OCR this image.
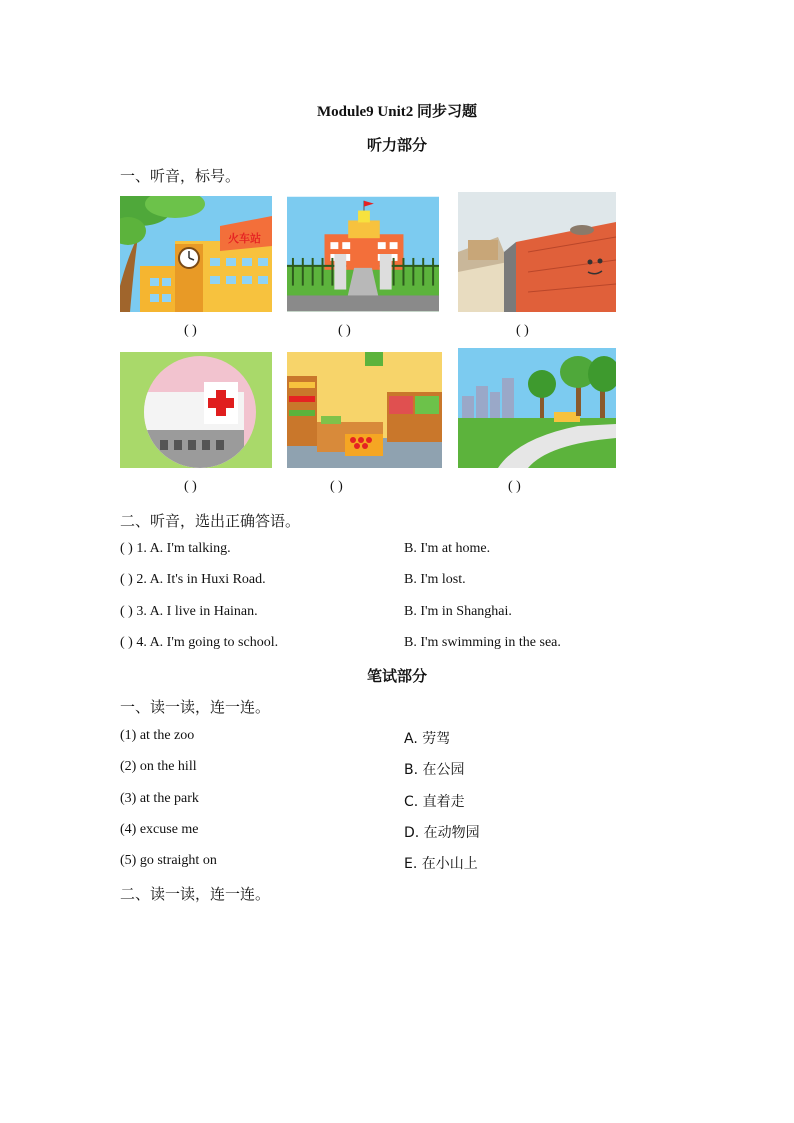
Module9 Unit2 同步习题
听力部分
一、听音，标号。
火车站
( )	( )	( )
( )	( )	( )
二、听音，选出正确答语。
( ) 1. A. I'm talking.	B. I'm at home.
( ) 2. A. It's in Huxi Road.	B. I'm lost.
( ) 3. A. I live in Hainan.	B. I'm in Shanghai.
( ) 4. A. I'm going to school.	B. I'm swimming in the sea.
笔试部分
一、读一读，连一连。
(1) at the zoo	A. 劳驾
(2) on the hill	B. 在公园
(3) at the park	C. 直着走
(4) excuse me	D. 在动物园
(5) go straight on	E. 在小山上
二、读一读，连一连。
